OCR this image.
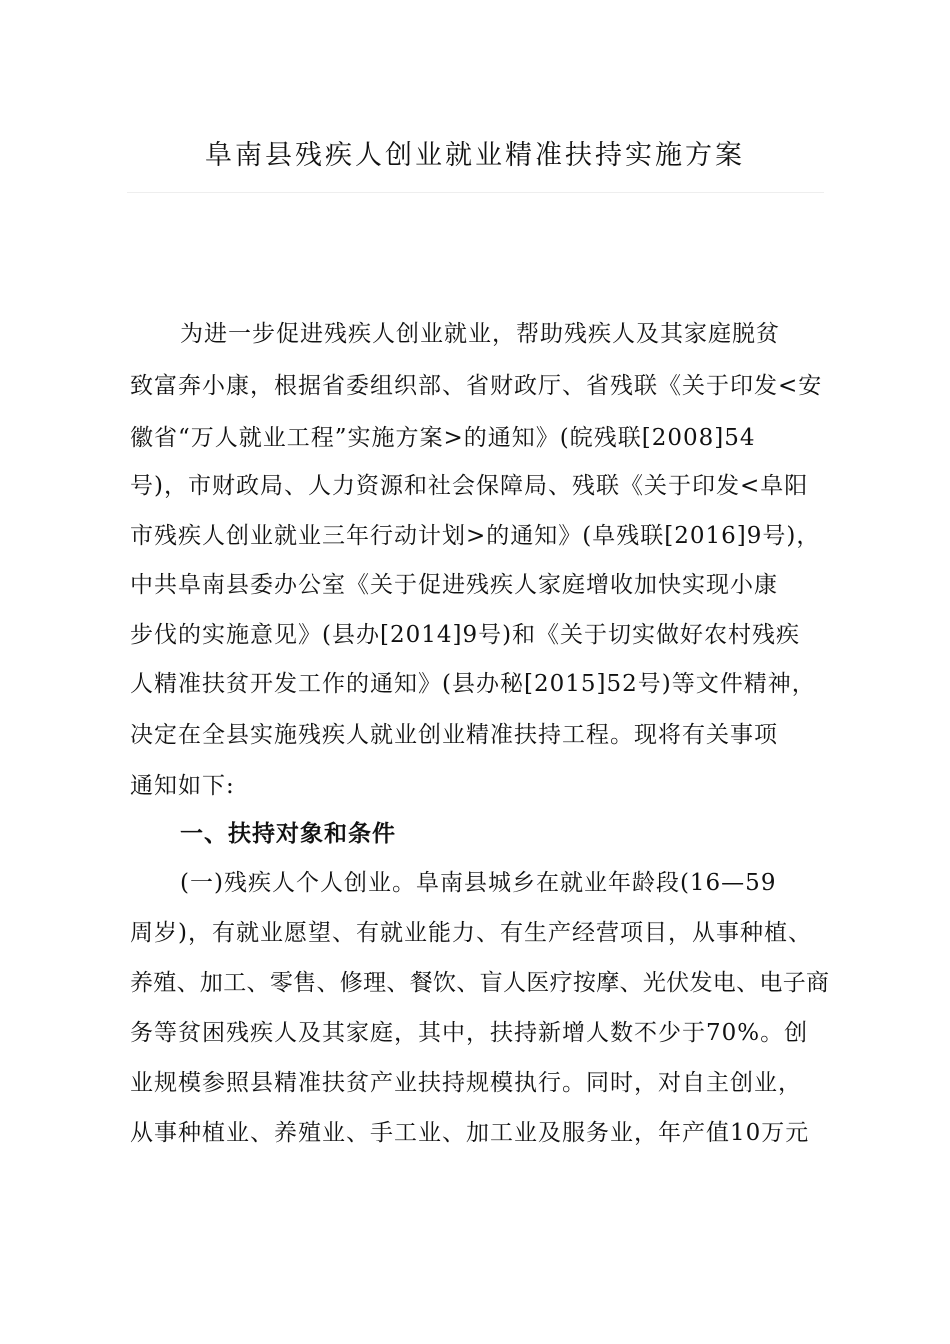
阜南县残疾人创业就业精准扶持实施方案
为进一步促进残疾人创业就业，帮助残疾人及其家庭脱贫
致富奔小康，根据省委组织部、省财政厅、省残联《关于印发<安
徽省“万人就业工程”实施方案>的通知》(皖残联[2008]54
号)，市财政局、人力资源和社会保障局、残联《关于印发<阜阳
市残疾人创业就业三年行动计划>的通知》(阜残联[2016]9号)，
中共阜南县委办公室《关于促进残疾人家庭增收加快实现小康
步伐的实施意见》(县办[2014]9号)和《关于切实做好农村残疾
人精准扶贫开发工作的通知》(县办秘[2015]52号)等文件精神，
决定在全县实施残疾人就业创业精准扶持工程。现将有关事项
通知如下:
一、扶持对象和条件
(一)残疾人个人创业。阜南县城乡在就业年龄段(16—59
周岁)，有就业愿望、有就业能力、有生产经营项目，从事种植、
养殖、加工、零售、修理、餐饮、盲人医疗按摩、光伏发电、电子商
务等贫困残疾人及其家庭，其中，扶持新增人数不少于70%。创
业规模参照县精准扶贫产业扶持规模执行。同时，对自主创业，
从事种植业、养殖业、手工业、加工业及服务业，年产值10万元
